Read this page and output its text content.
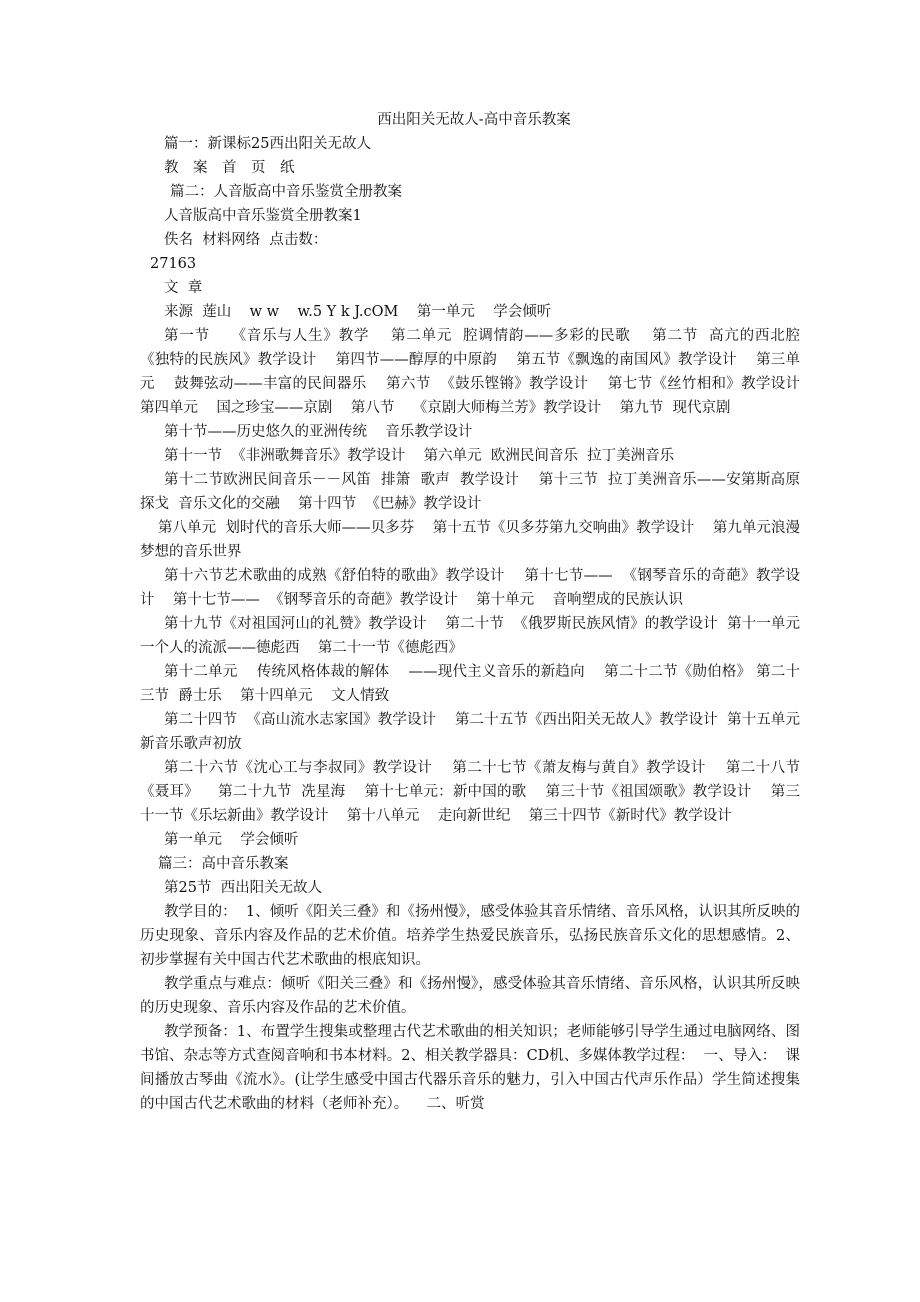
西出阳关无故人-高中音乐教案

篇一：新课标25西出阳关无故人

教　案　首　页　纸

篇二：人音版高中音乐鉴赏全册教案

人音版高中音乐鉴赏全册教案1

佚名  材料网络  点击数：

27163

文  章

来源  莲山    w w    w.5 Y k J.cOM    第一单元    学会倾听

第一节    《音乐与人生》教学    第二单元  腔调情韵——多彩的民歌    第二节  高亢的西北腔    《独特的民族风》教学设计    第四节——醇厚的中原韵    第五节《飘逸的南国风》教学设计    第三单元    鼓舞弦动——丰富的民间器乐    第六节  《鼓乐铿锵》教学设计    第七节《丝竹相和》教学设计    第四单元    国之珍宝——京剧    第八节    《京剧大师梅兰芳》教学设计    第九节  现代京剧

第十节——历史悠久的亚洲传统    音乐教学设计

第十一节  《非洲歌舞音乐》教学设计    第六单元  欧洲民间音乐  拉丁美洲音乐

第十二节欧洲民间音乐－－风笛  排箫  歌声  教学设计    第十三节  拉丁美洲音乐——安第斯高原  探戈  音乐文化的交融    第十四节  《巴赫》教学设计

第八单元  划时代的音乐大师——贝多芬    第十五节《贝多芬第九交响曲》教学设计    第九单元浪漫梦想的音乐世界

第十六节艺术歌曲的成熟《舒伯特的歌曲》教学设计    第十七节——  《钢琴音乐的奇葩》教学设计    第十七节——  《钢琴音乐的奇葩》教学设计    第十单元    音响塑成的民族认识

第十九节《对祖国河山的礼赞》教学设计    第二十节  《俄罗斯民族风情》的教学设计  第十一单元  一个人的流派——德彪西    第二十一节《德彪西》

第十二单元    传统风格体裁的解体    ——现代主义音乐的新趋向    第二十二节《勋伯格》 第二十三节  爵士乐    第十四单元    文人情致

第二十四节  《高山流水志家国》教学设计    第二十五节《西出阳关无故人》教学设计  第十五单元    新音乐歌声初放

第二十六节《沈心工与李叔同》教学设计    第二十七节《萧友梅与黄自》教学设计    第二十八节《聂耳》    第二十九节  冼星海    第十七单元：新中国的歌    第三十节《祖国颂歌》教学设计    第三十一节《乐坛新曲》教学设计    第十八单元    走向新世纪    第三十四节《新时代》教学设计

第一单元    学会倾听

篇三：高中音乐教案

第25节  西出阳关无故人

教学目的：  1、倾听《阳关三叠》和《扬州慢》，感受体验其音乐情绪、音乐风格，认识其所反映的历史现象、音乐内容及作品的艺术价值。培养学生热爱民族音乐，弘扬民族音乐文化的思想感情。2、初步掌握有关中国古代艺术歌曲的根底知识。

教学重点与难点：倾听《阳关三叠》和《扬州慢》，感受体验其音乐情绪、音乐风格，认识其所反映的历史现象、音乐内容及作品的艺术价值。

教学预备：1、布置学生搜集或整理古代艺术歌曲的相关知识；老师能够引导学生通过电脑网络、图书馆、杂志等方式查阅音响和书本材料。2、相关教学器具：CD机、多媒体教学过程：  一、导入：  课间播放古琴曲《流水》。(让学生感受中国古代器乐音乐的魅力，引入中国古代声乐作品）学生简述搜集的中国古代艺术歌曲的材料（老师补充）。    二、听赏
